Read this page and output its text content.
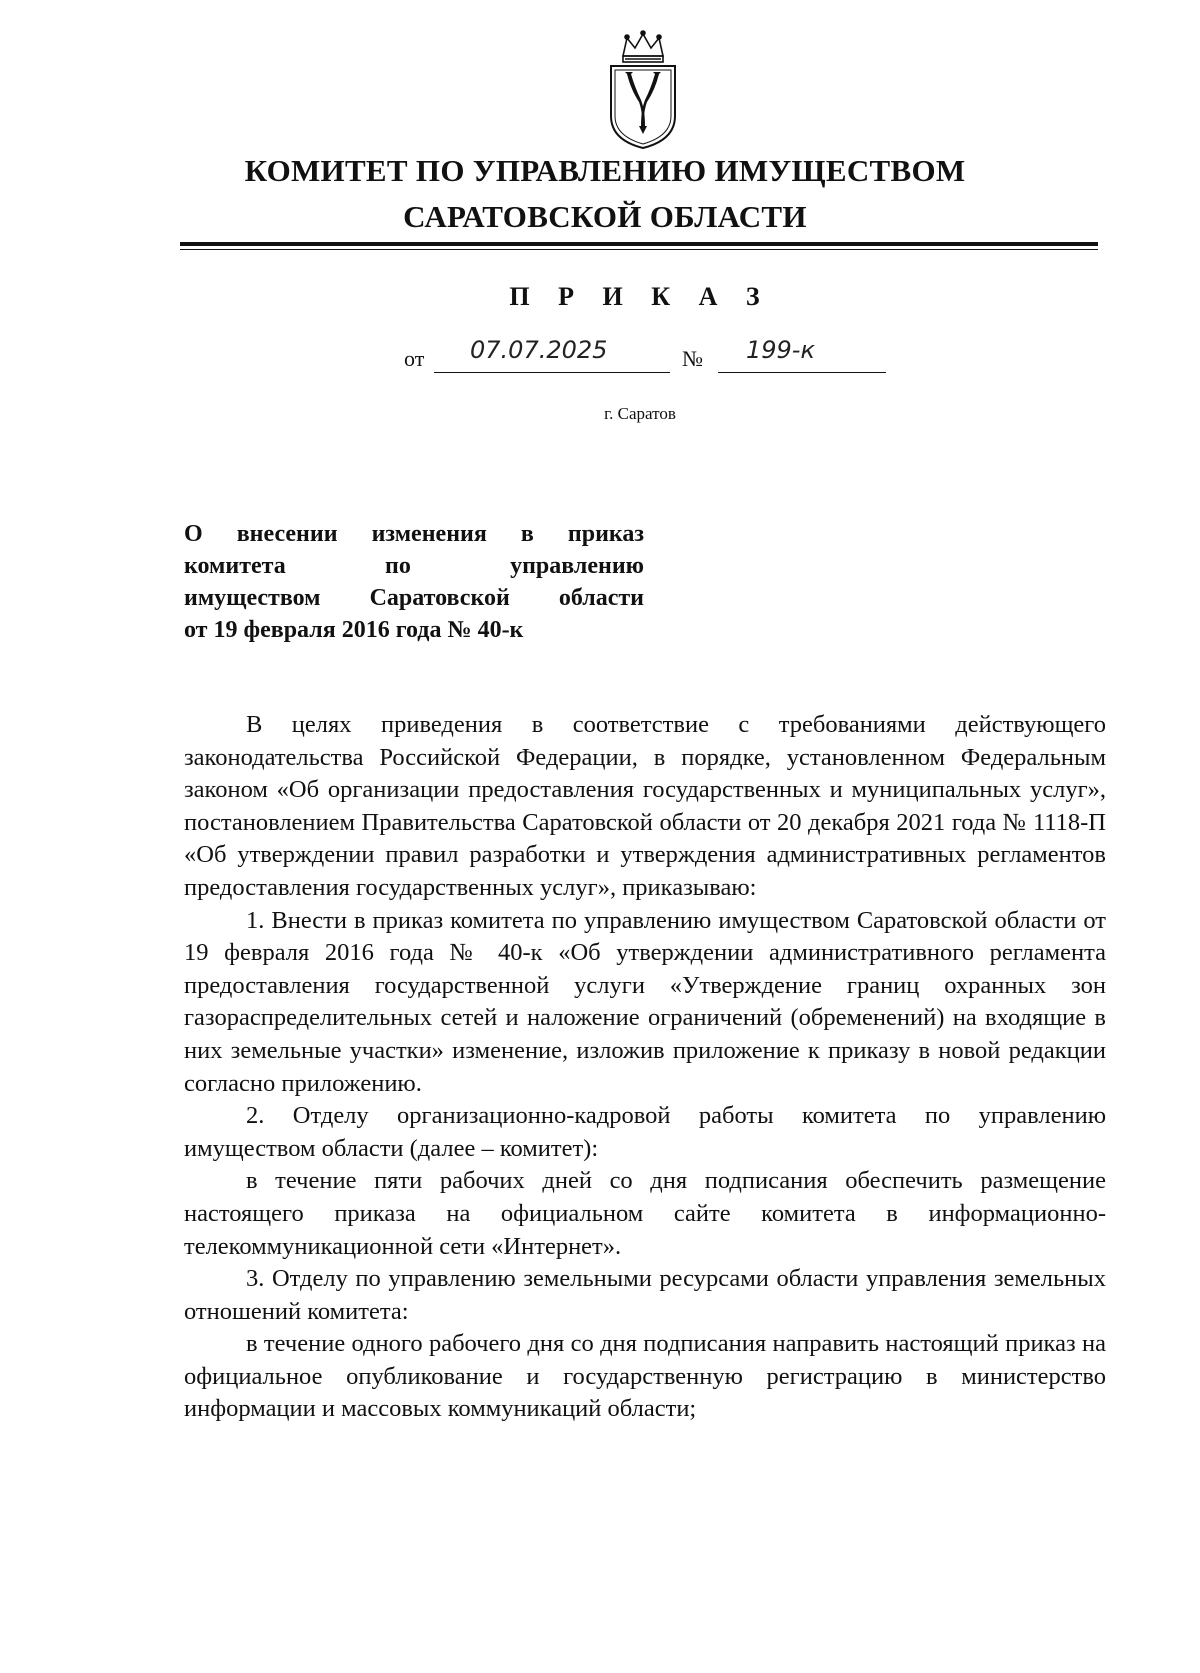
КОМИТЕТ ПО УПРАВЛЕНИЮ ИМУЩЕСТВОМ
САРАТОВСКОЙ ОБЛАСТИ
П Р И К А З
от 07.07.2025	№ 199-к
г. Саратов
О внесении изменения в приказ
комитета по управлению
имуществом Саратовской области
от 19 февраля 2016 года № 40-к

В целях приведения в соответствие с требованиями действующего законодательства Российской Федерации, в порядке, установленном Федеральным законом «Об организации предоставления государственных и муниципальных услуг», постановлением Правительства Саратовской области от 20 декабря 2021 года № 1118-П «Об утверждении правил разработки и утверждения административных регламентов предоставления государственных услуг», приказываю:

1. Внести в приказ комитета по управлению имуществом Саратовской области от 19 февраля 2016 года № 40-к «Об утверждении административного регламента предоставления государственной услуги «Утверждение границ охранных зон газораспределительных сетей и наложение ограничений (обременений) на входящие в них земельные участки» изменение, изложив приложение к приказу в новой редакции согласно приложению.

2. Отделу организационно-кадровой работы комитета по управлению имуществом области (далее – комитет):

в течение пяти рабочих дней со дня подписания обеспечить размещение настоящего приказа на официальном сайте комитета в информационно-телекоммуникационной сети «Интернет».

3. Отделу по управлению земельными ресурсами области управления земельных отношений комитета:

в течение одного рабочего дня со дня подписания направить настоящий приказ на официальное опубликование и государственную регистрацию в министерство информации и массовых коммуникаций области;
